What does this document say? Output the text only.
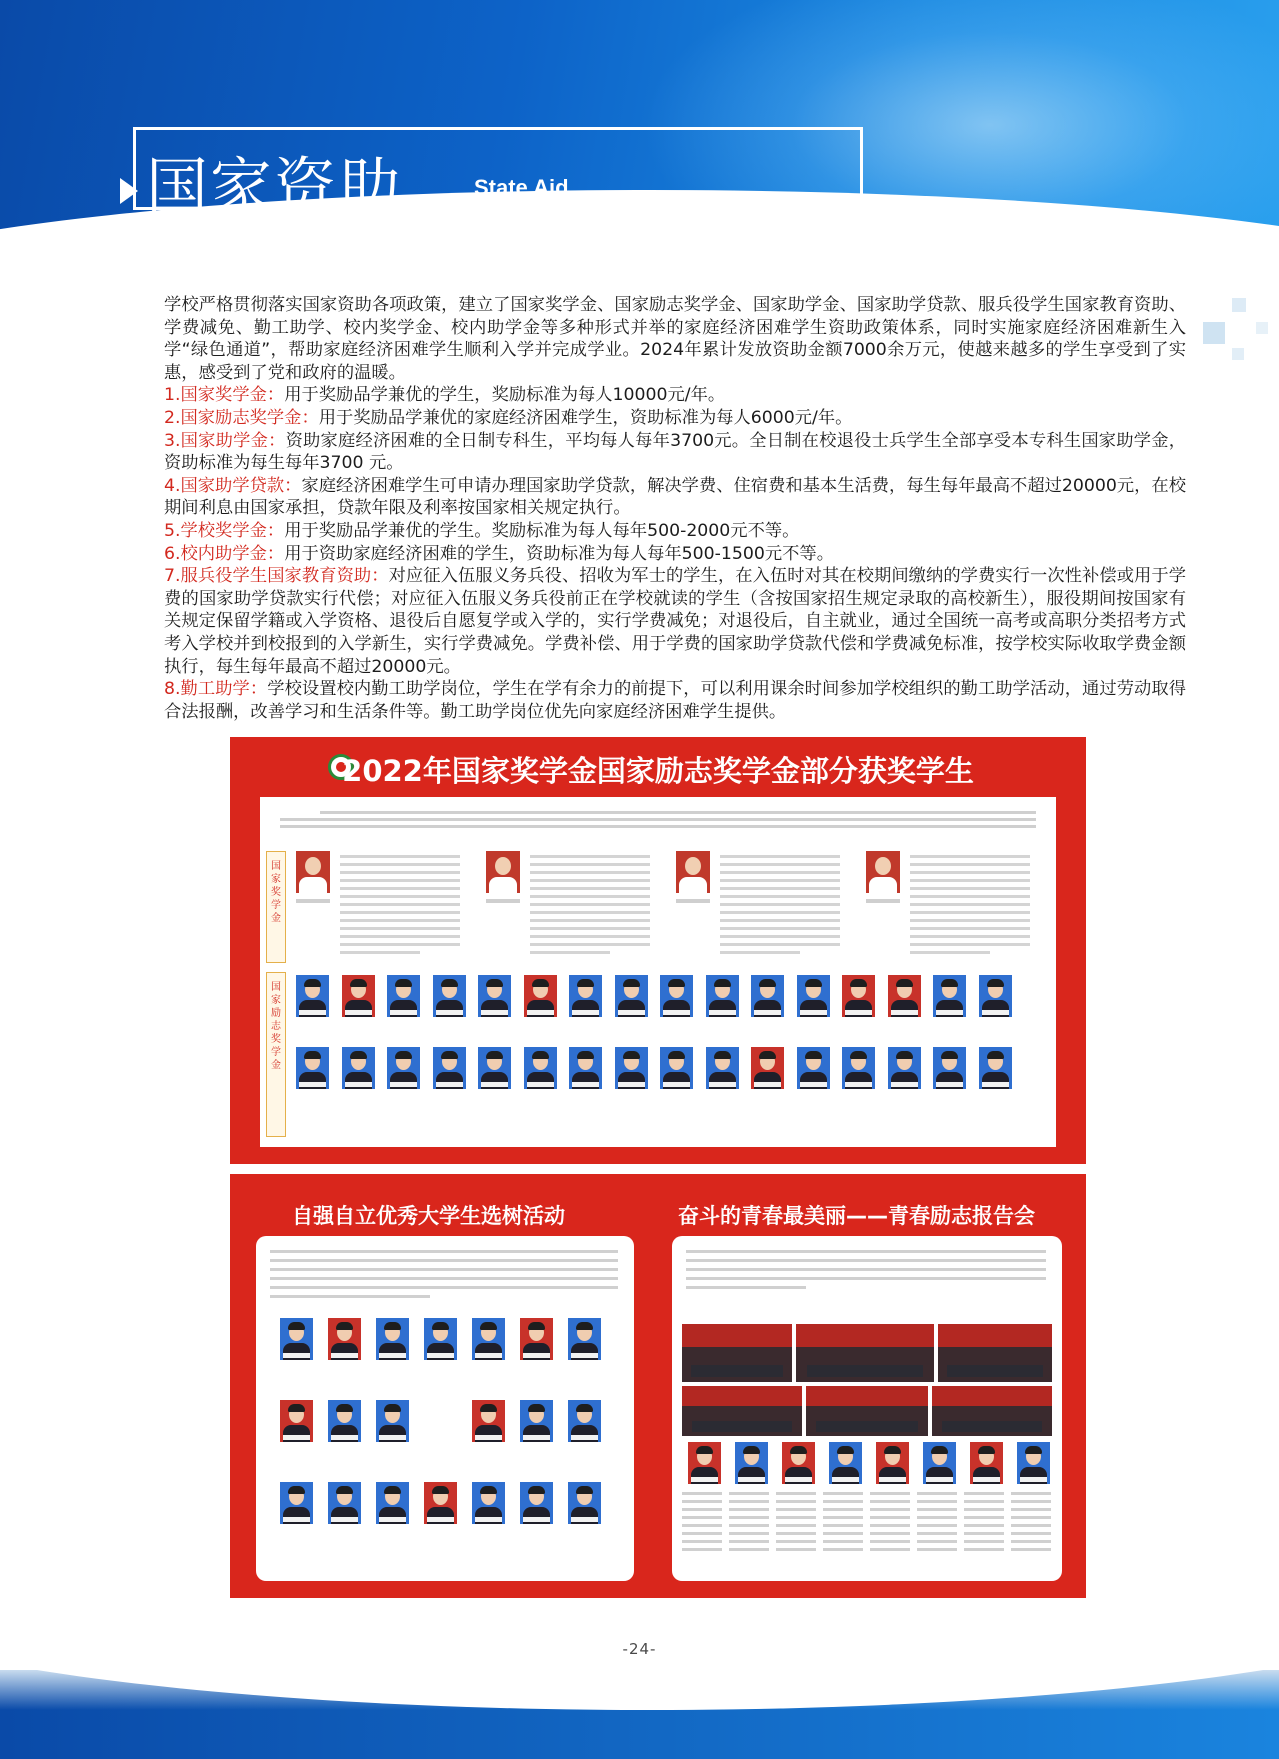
国家资助	State Aid

学校严格贯彻落实国家资助各项政策，建立了国家奖学金、国家励志奖学金、国家助学金、国家助学贷款、服兵役学生国家教育资助、学费减免、勤工助学、校内奖学金、校内助学金等多种形式并举的家庭经济困难学生资助政策体系，同时实施家庭经济困难新生入学“绿色通道”，帮助家庭经济困难学生顺利入学并完成学业。2024年累计发放资助金额7000余万元，使越来越多的学生享受到了实惠，感受到了党和政府的温暖。

1.国家奖学金：用于奖励品学兼优的学生，奖励标准为每人10000元/年。

2.国家励志奖学金：用于奖励品学兼优的家庭经济困难学生，资助标准为每人6000元/年。

3.国家助学金：资助家庭经济困难的全日制专科生，平均每人每年3700元。全日制在校退役士兵学生全部享受本专科生国家助学金，资助标准为每生每年3700 元。

4.国家助学贷款：家庭经济困难学生可申请办理国家助学贷款，解决学费、住宿费和基本生活费，每生每年最高不超过20000元，在校期间利息由国家承担，贷款年限及利率按国家相关规定执行。

5.学校奖学金：用于奖励品学兼优的学生。奖励标准为每人每年500-2000元不等。

6.校内助学金：用于资助家庭经济困难的学生，资助标准为每人每年500-1500元不等。

7.服兵役学生国家教育资助：对应征入伍服义务兵役、招收为军士的学生，在入伍时对其在校期间缴纳的学费实行一次性补偿或用于学费的国家助学贷款实行代偿；对应征入伍服义务兵役前正在学校就读的学生（含按国家招生规定录取的高校新生），服役期间按国家有关规定保留学籍或入学资格、退役后自愿复学或入学的，实行学费减免；对退役后，自主就业，通过全国统一高考或高职分类招考方式考入学校并到校报到的入学新生，实行学费减免。学费补偿、用于学费的国家助学贷款代偿和学费减免标准，按学校实际收取学费金额执行，每生每年最高不超过20000元。

8.勤工助学：学校设置校内勤工助学岗位，学生在学有余力的前提下，可以利用课余时间参加学校组织的勤工助学活动，通过劳动取得合法报酬，改善学习和生活条件等。勤工助学岗位优先向家庭经济困难学生提供。

2022年国家奖学金国家励志奖学金部分获奖学生
国家奖学金
国家励志奖学金
自强自立优秀大学生选树活动	奋斗的青春最美丽——青春励志报告会
-24-
